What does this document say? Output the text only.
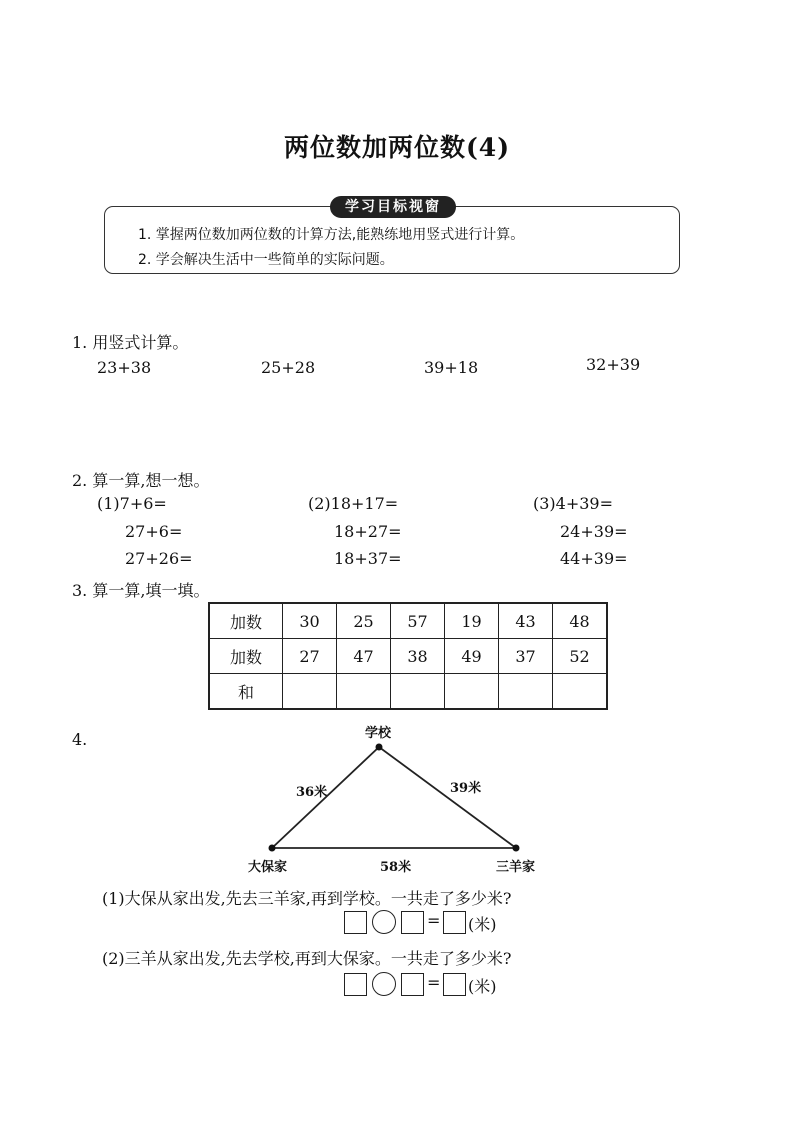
两位数加两位数(4)
学习目标视窗
1. 掌握两位数加两位数的计算方法,能熟练地用竖式进行计算。
2. 学会解决生活中一些简单的实际问题。
1. 用竖式计算。
23+38	25+28	39+18	32+39
2. 算一算,想一想。
(1)7+6=
27+6=
27+26=
(2)18+17=
18+27=
18+37=
(3)4+39=
24+39=
44+39=
3. 算一算,填一填。
加数	30	25	57	19	43	48
加数	27	47	38	49	37	52
和						
4.	学校
大保家	三羊家
36米	39米
58米
(1)大保从家出发,先去三羊家,再到学校。一共走了多少米?
= (米)
(2)三羊从家出发,先去学校,再到大保家。一共走了多少米?
= (米)
